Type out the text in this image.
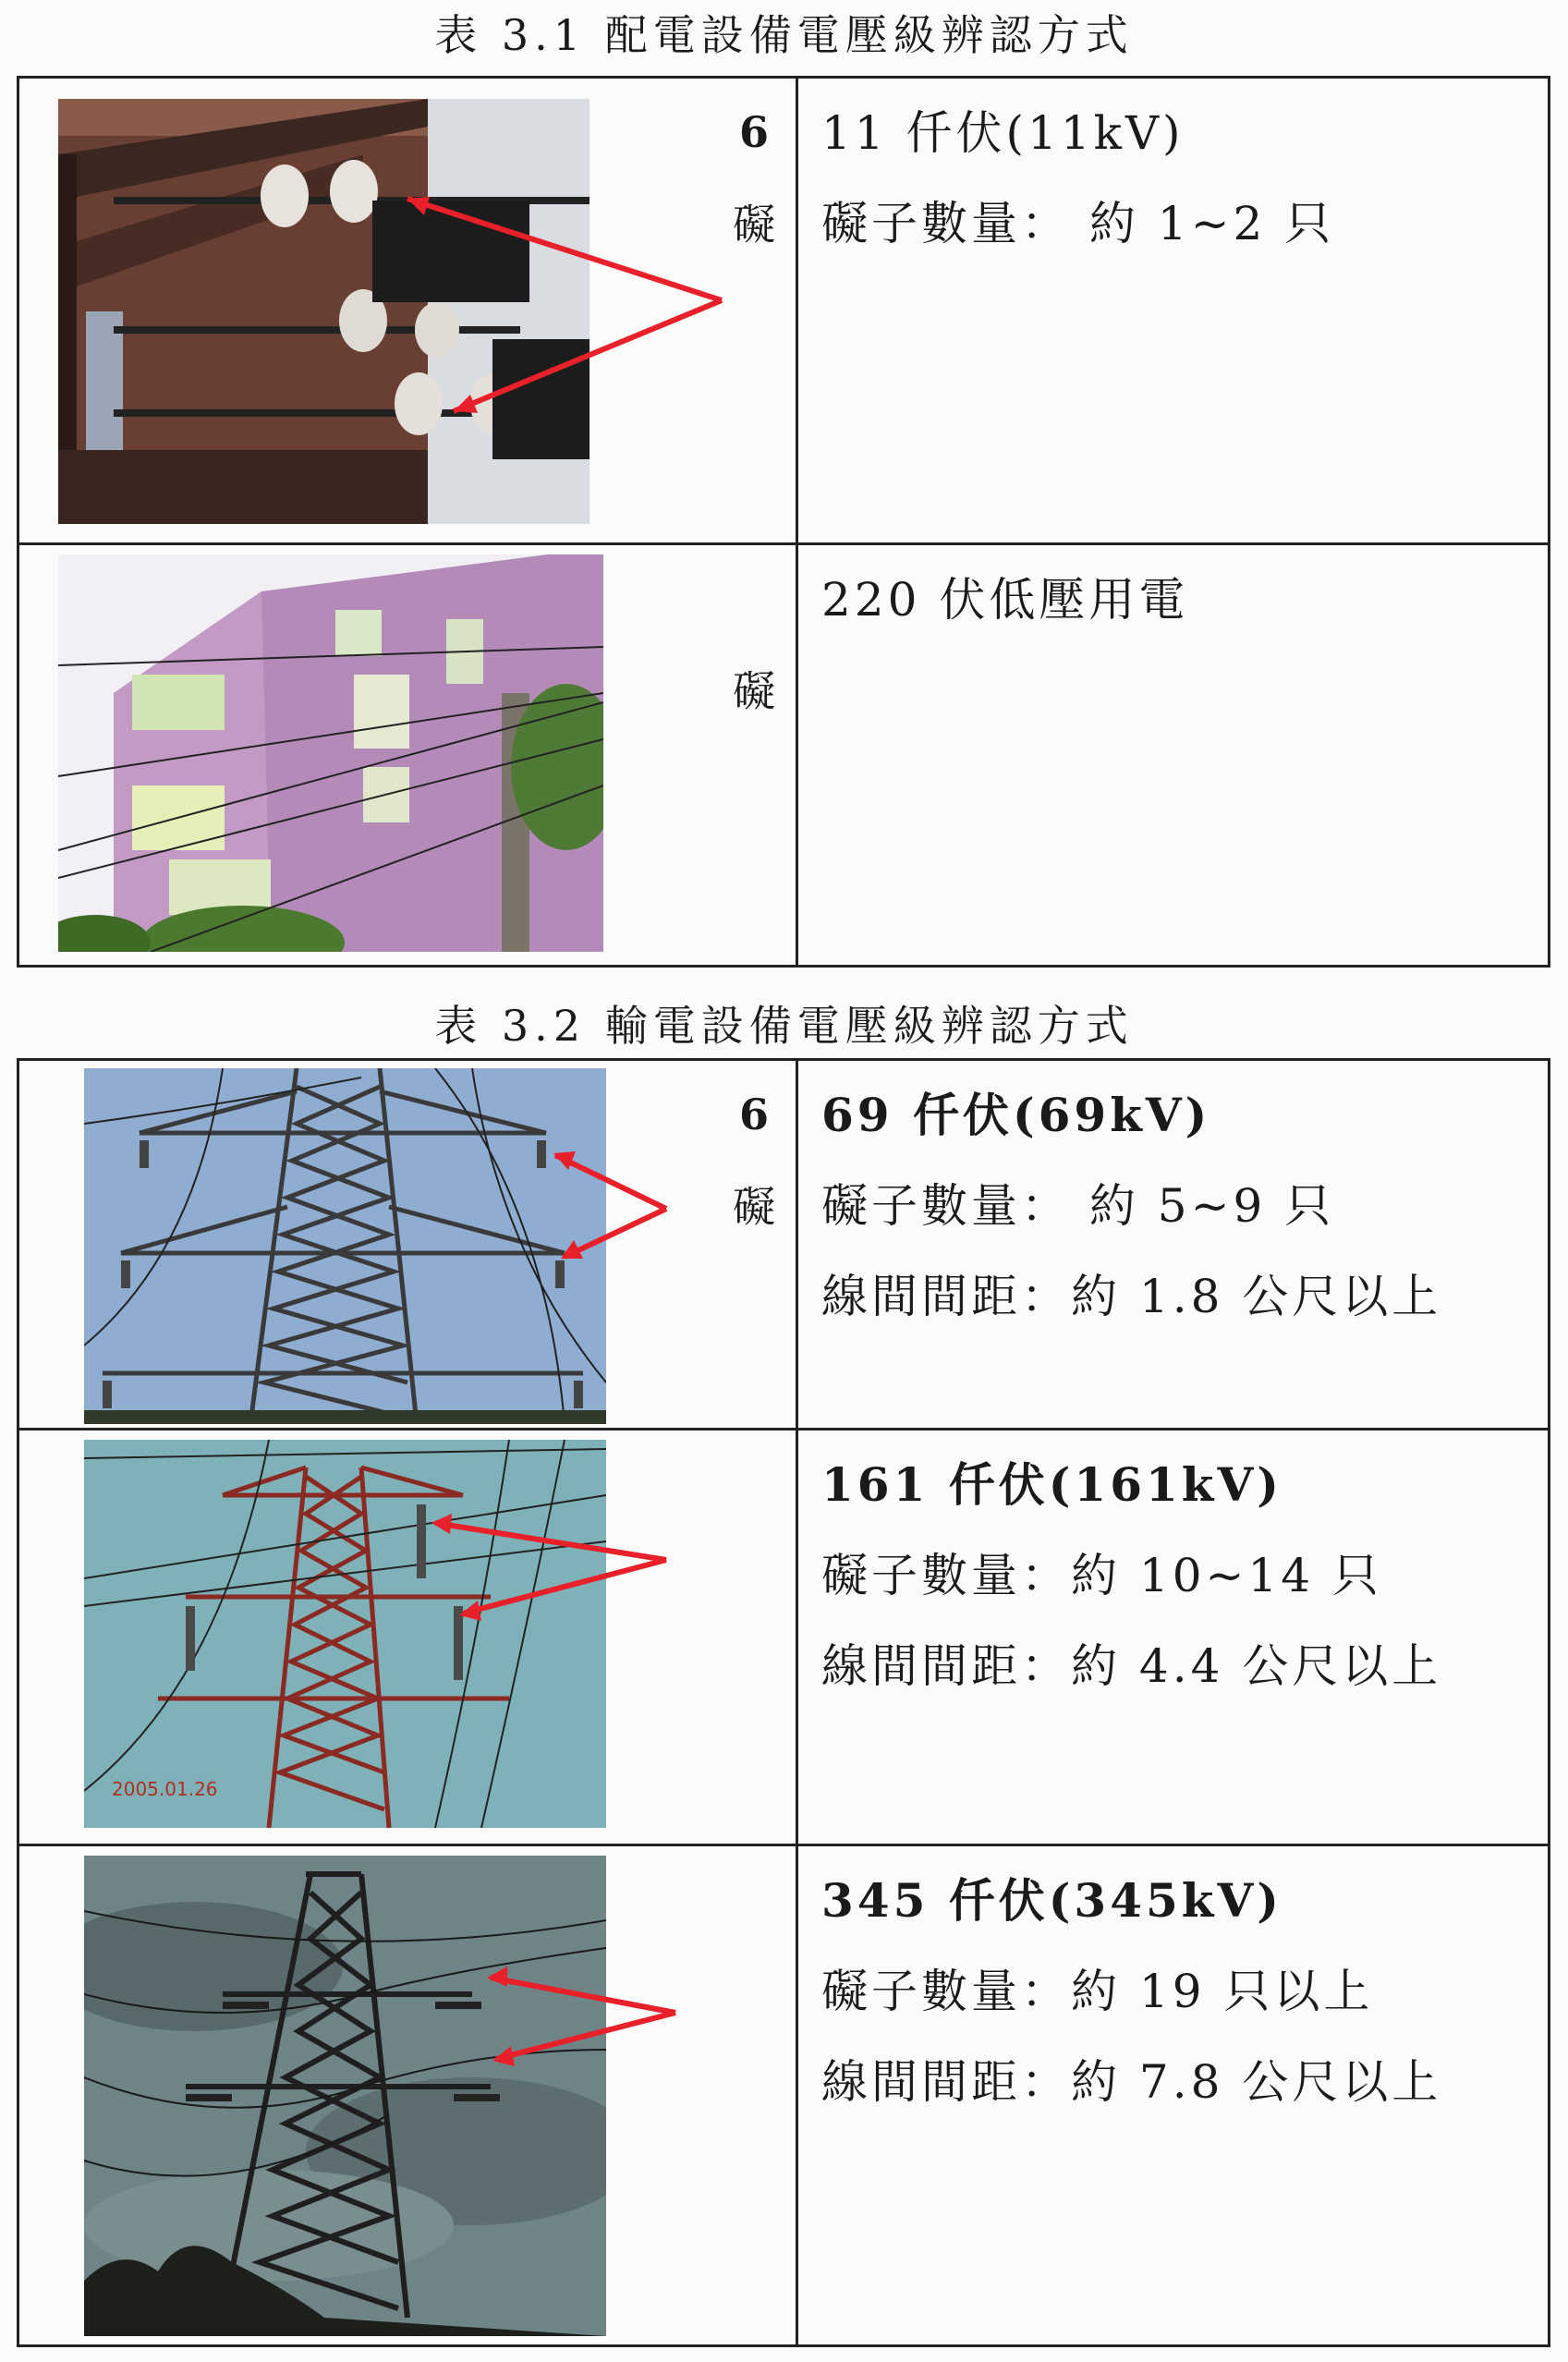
表 3.1 配電設備電壓級辨認方式
6
礙
11 仟伏(11kV)
礙子數量： 約 1~2 只
礙
220 伏低壓用電
表 3.2 輸電設備電壓級辨認方式
6
礙
69 仟伏(69kV)
礙子數量： 約 5~9 只
線間間距：約 1.8 公尺以上
2005.01.26
161 仟伏(161kV)
礙子數量：約 10~14 只
線間間距：約 4.4 公尺以上
345 仟伏(345kV)
礙子數量：約 19 只以上
線間間距：約 7.8 公尺以上
